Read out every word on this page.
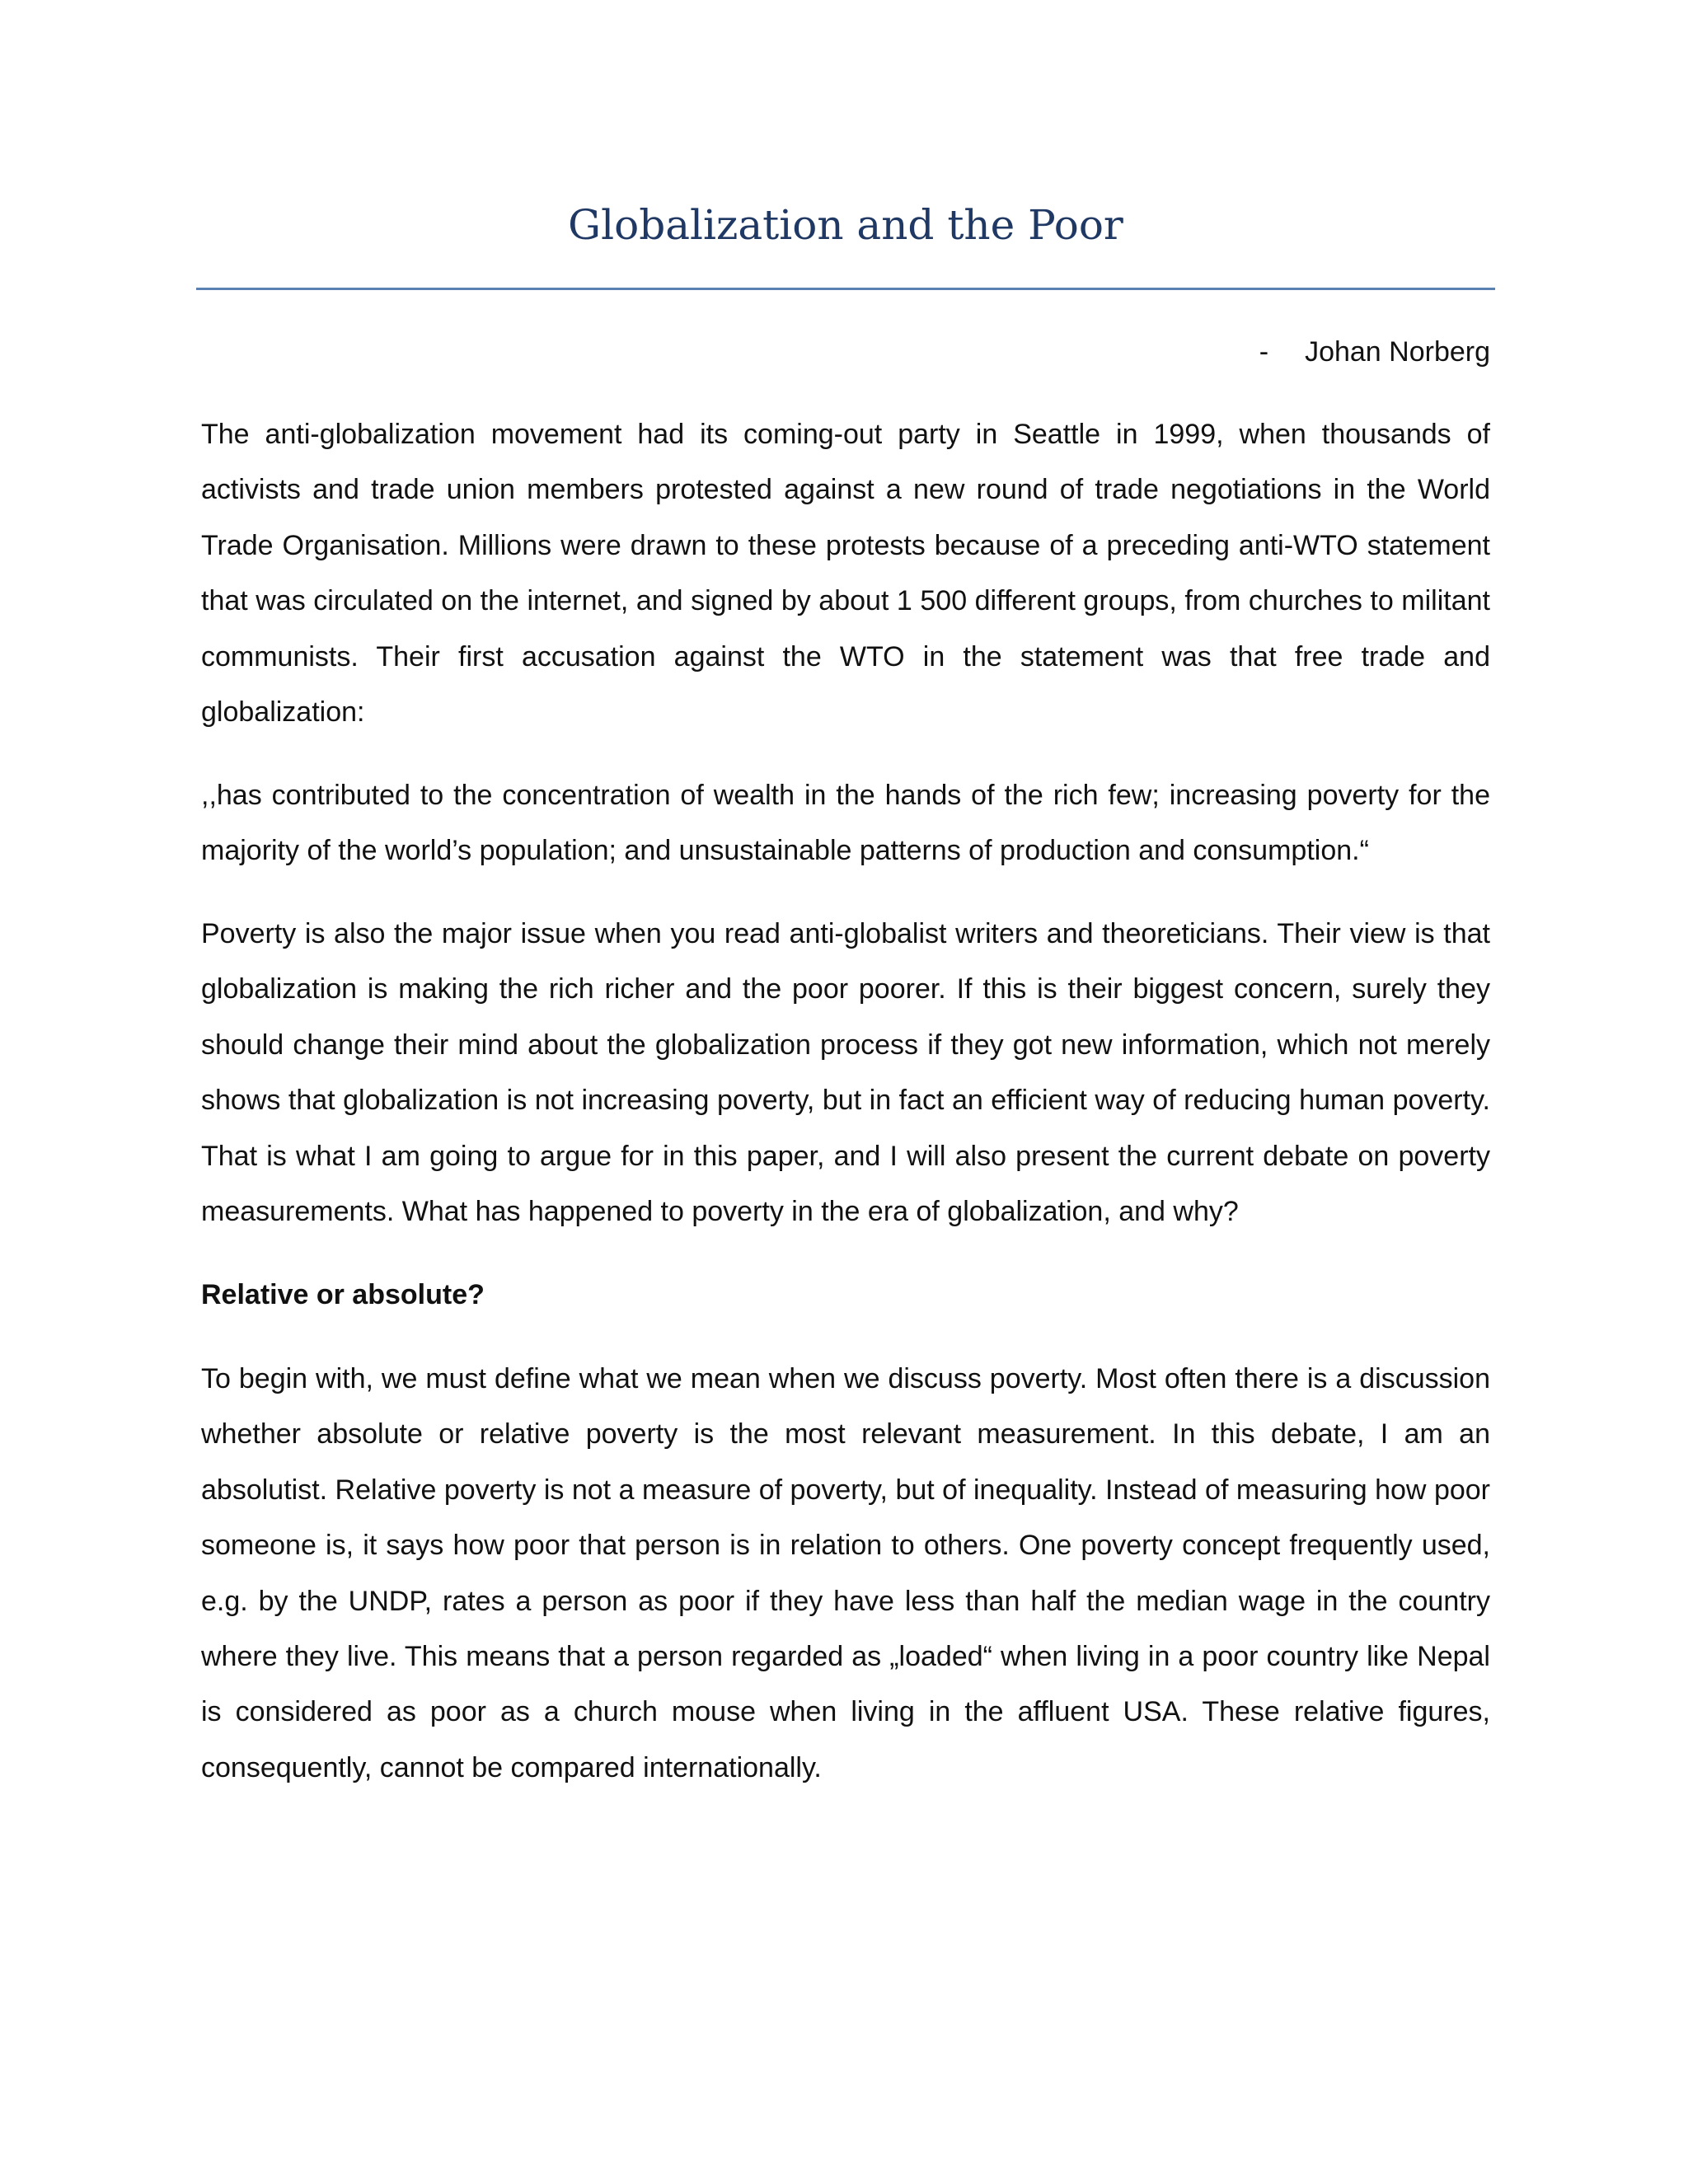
Globalization and the Poor
- Johan Norberg

The anti-globalization movement had its coming-out party in Seattle in 1999, when thousands of activists and trade union members protested against a new round of trade negotiations in the World Trade Organisation. Millions were drawn to these protests because of a preceding anti-WTO statement that was circulated on the internet, and signed by about 1 500 different groups, from churches to militant communists. Their first accusation against the WTO in the statement was that free trade and globalization:

,,has contributed to the concentration of wealth in the hands of the rich few; increasing poverty for the majority of the world’s population; and unsustainable patterns of production and consumption.“

Poverty is also the major issue when you read anti-globalist writers and theoreticians. Their view is that globalization is making the rich richer and the poor poorer. If this is their biggest concern, surely they should change their mind about the globalization process if they got new information, which not merely shows that globalization is not increasing poverty, but in fact an efficient way of reducing human poverty. That is what I am going to argue for in this paper, and I will also present the current debate on poverty measurements. What has happened to poverty in the era of globalization, and why?

Relative or absolute?

To begin with, we must define what we mean when we discuss poverty. Most often there is a discussion whether absolute or relative poverty is the most relevant measurement. In this debate, I am an absolutist. Relative poverty is not a measure of poverty, but of inequality. Instead of measuring how poor someone is, it says how poor that person is in relation to others. One poverty concept frequently used, e.g. by the UNDP, rates a person as poor if they have less than half the median wage in the country where they live. This means that a person regarded as „loaded“ when living in a poor country like Nepal is considered as poor as a church mouse when living in the affluent USA. These relative figures, consequently, cannot be compared internationally.
